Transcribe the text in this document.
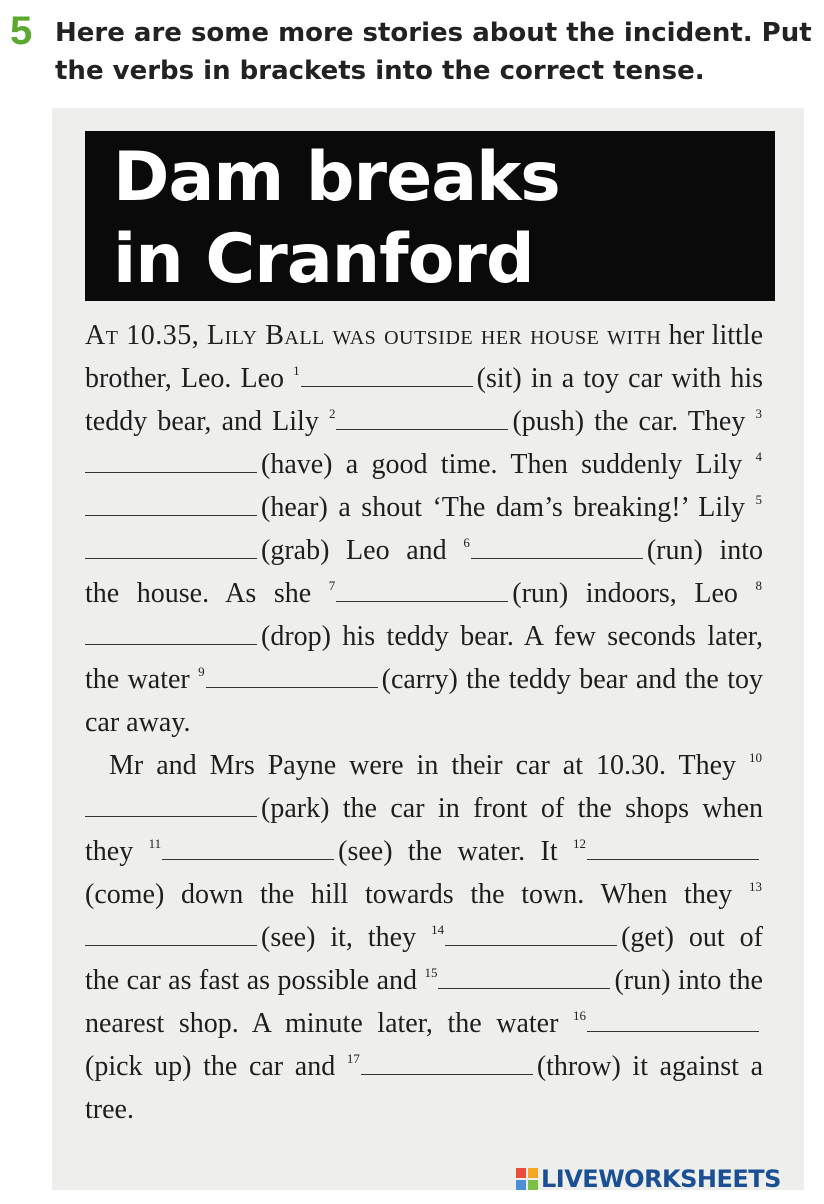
5 Here are some more stories about the incident. Put
the verbs in brackets into the correct tense.
Dam breaks
in Cranford

At 10.35, Lily Ball was outside her house with her little brother, Leo. Leo $^1$	(sit) in a toy car with his teddy bear, and Lily $^2$	(push) the car. They $^3$(have) a good time. Then suddenly Lily $^4$(hear) a shout ‘The dam’s breaking!’ Lily $^5$(grab) Leo and $^6$	(run) into the house. As she $^7$	(run) indoors, Leo $^8$(drop) his teddy bear. A few seconds later, the water $^9$	(carry) the teddy bear and the toy car away.

Mr and Mrs Payne were in their car at 10.30. They $^{10}$(park) the car in front of the shops when they $^{11}$	(see) the water. It $^{12}$(come) down the hill towards the town. When they $^{13}$(see) it, they $^{14}$	(get) out of the car as fast as possible and $^{15}$	(run) into the nearest shop. A minute later, the water $^{16}$(pick up) the car and $^{17}$	(throw) it against a tree.

LIVEWORKSHEETS
